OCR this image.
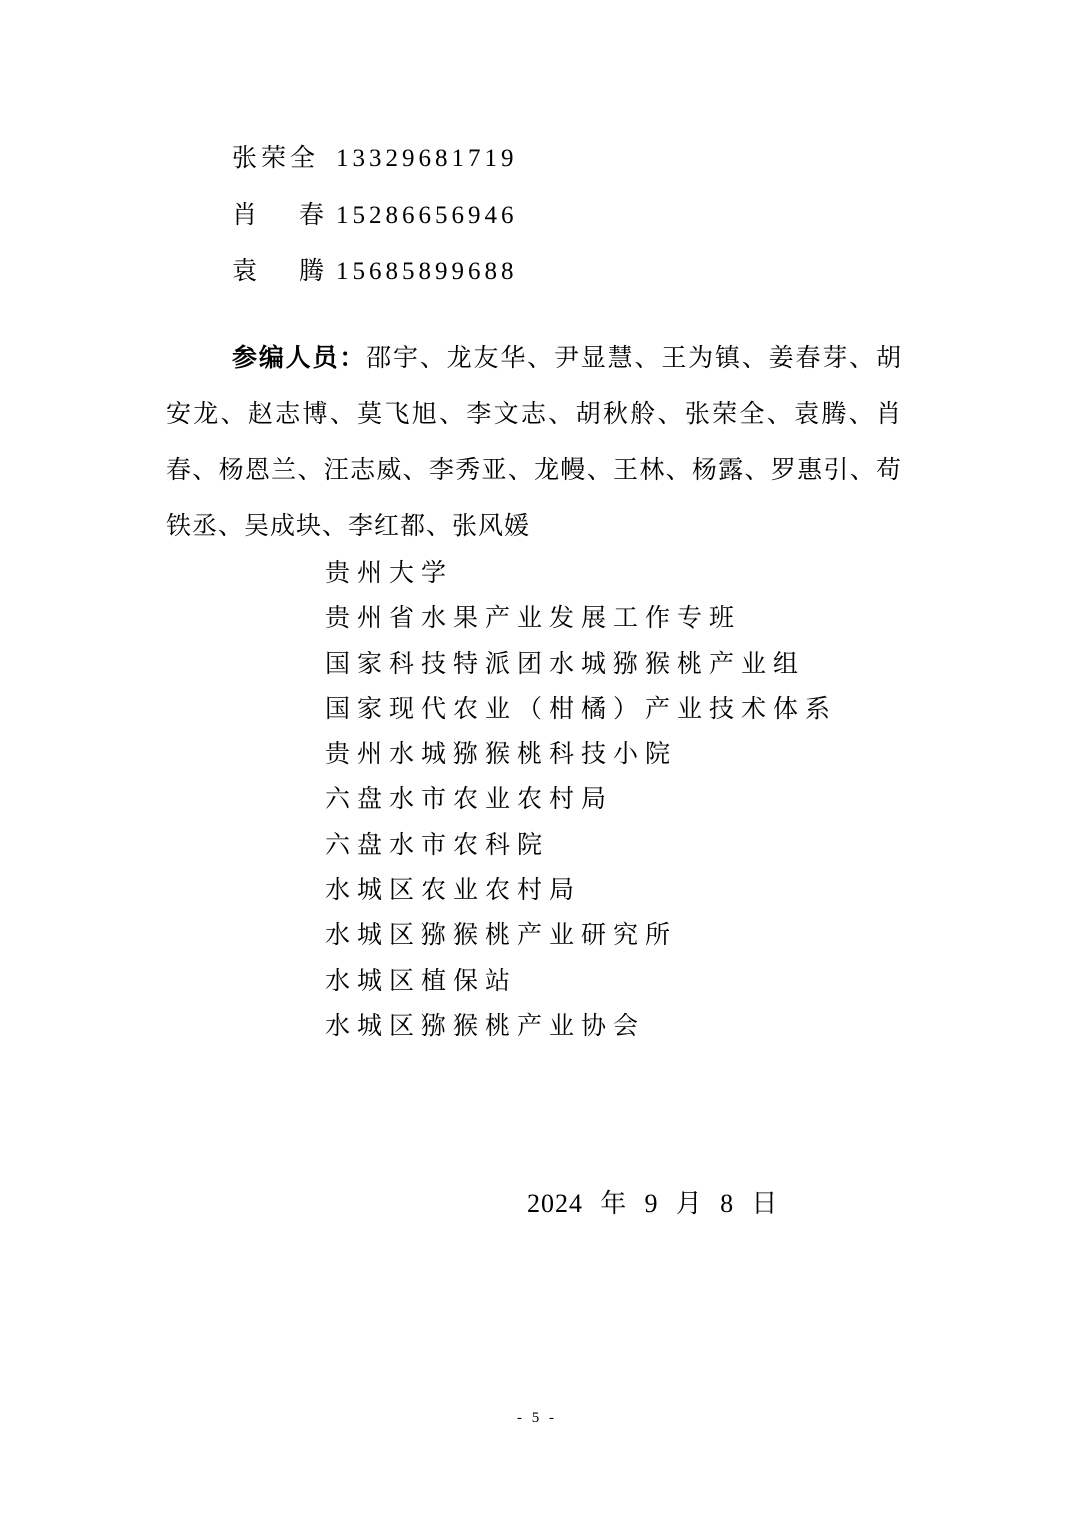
张荣全 13329681719
肖 春 15286656946
袁 腾 15685899688

参编人员：邵宇、龙友华、尹显慧、王为镇、姜春芽、胡安龙、赵志博、莫飞旭、李文志、胡秋舲、张荣全、袁腾、肖春、杨恩兰、汪志威、李秀亚、龙幔、王林、杨露、罗惠引、苟铁丞、吴成块、李红都、张风媛

贵州大学
贵州省水果产业发展工作专班
国家科技特派团水城猕猴桃产业组
国家现代农业（柑橘）产业技术体系
贵州水城猕猴桃科技小院
六盘水市农业农村局
六盘水市农科院
水城区农业农村局
水城区猕猴桃产业研究所
水城区植保站
水城区猕猴桃产业协会
2024 年 9 月 8 日
- 5 -
